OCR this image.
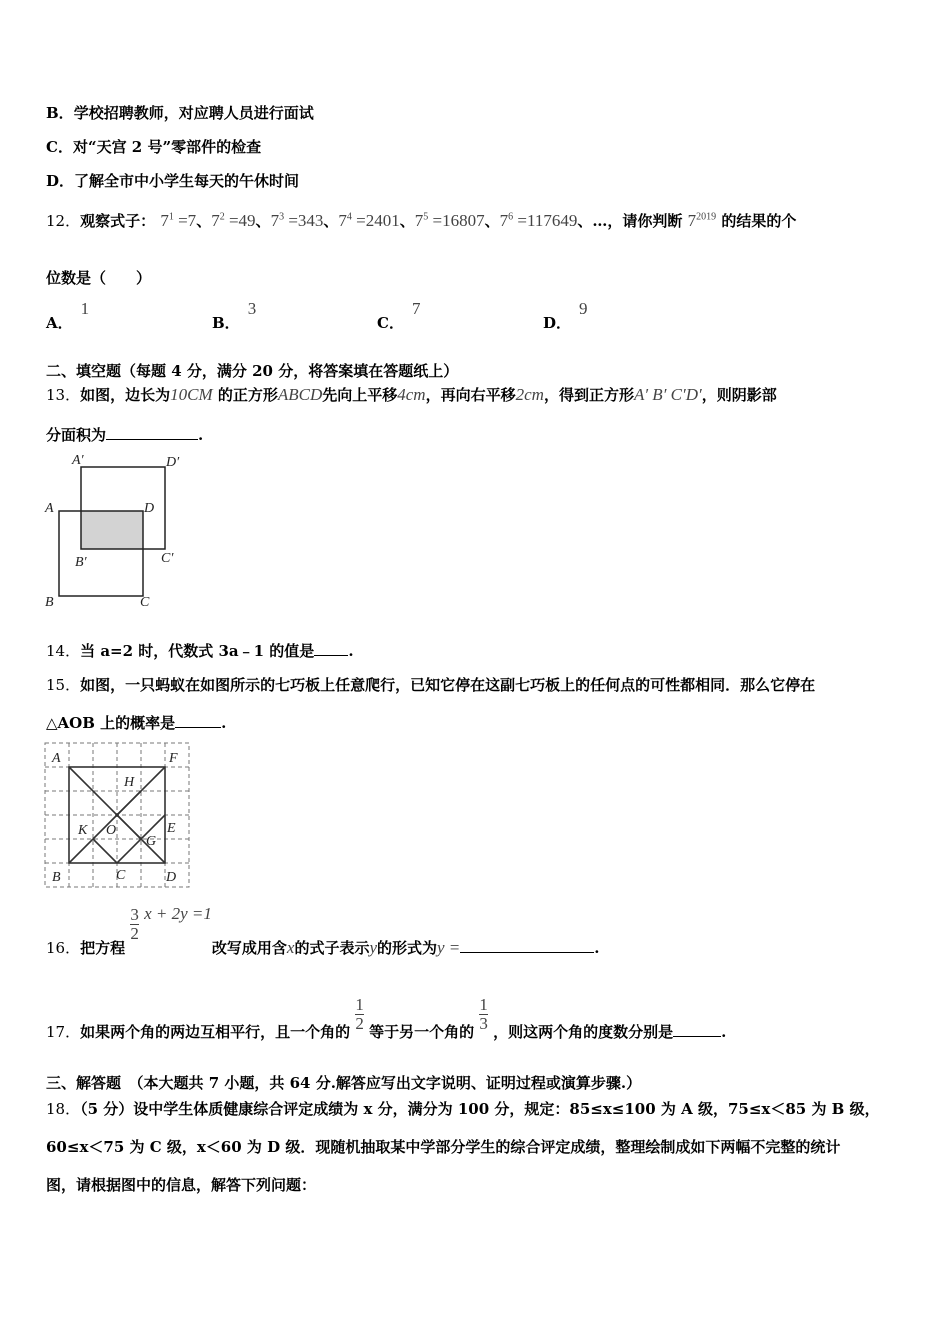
B．学校招聘教师，对应聘人员进行面试
C．对“天宫 2 号”零部件的检查
D．了解全市中小学生每天的午休时间
12．观察式子： $7^1 =7$、$7^2 =49$、$7^3 =343$、$7^4 =2401$、$7^5 =16807$、$7^6 =117649$、…，请你判断 $7^{2019}$ 的结果的个
位数是（　　）
A．1
B．3
C．7
D．9
二、填空题（每题 4 分，满分 20 分，将答案填在答题纸上）
13．如图，边长为10CM 的正方形ABCD先向上平移4cm，再向右平移2cm，得到正方形A′ B′ C′D′，则阴影部
分面积为	.
A′	D′
A	D
B′	C′
B	C
14．当 a=2 时，代数式 3a﹣1 的值是 .
15．如图，一只蚂蚁在如图所示的七巧板上任意爬行，已知它停在这副七巧板上的任何点的可性都相同．那么它停在
△AOB 上的概率是	.
A	F
H
K O	E
G
B	C	D
16．把方程
$\frac{3}{2}$ x + 2y =1改写成用含x的式子表示y的形式为y =	.
17．如果两个角的两边互相平行，且一个角的 $\frac{1}{2}$ 等于另一个角的 $\frac{1}{3}$ ，则这两个角的度数分别是	.
三、解答题　（本大题共 7 小题，共 64 分.解答应写出文字说明、证明过程或演算步骤.）
18．（5 分）设中学生体质健康综合评定成绩为 x 分，满分为 100 分，规定：85≤x≤100 为 A 级，75≤x＜85 为 B 级，
60≤x＜75 为 C 级，x＜60 为 D 级．现随机抽取某中学部分学生的综合评定成绩，整理绘制成如下两幅不完整的统计
图，请根据图中的信息，解答下列问题：
